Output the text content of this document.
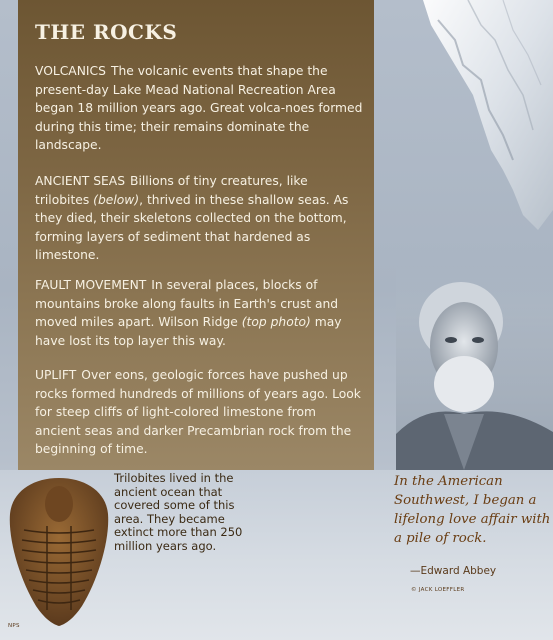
THE ROCKS

VOLCANICS The volcanic events that shape the present-day Lake Mead National Recreation Area began 18 million years ago. Great volca-noes formed during this time; their remains dominate the landscape.

ANCIENT SEAS Billions of tiny creatures, like trilobites (below), thrived in these shallow seas. As they died, their skeletons collected on the bottom, forming layers of sediment that hardened as limestone.

FAULT MOVEMENT In several places, blocks of mountains broke along faults in Earth's crust and moved miles apart. Wilson Ridge (top photo) may have lost its top layer this way.

UPLIFT Over eons, geologic forces have pushed up rocks formed hundreds of millions of years ago. Look for steep cliffs of light-colored limestone from ancient seas and darker Precambrian rock from the beginning of time.

Trilobites lived in the ancient ocean that covered some of this area. They became extinct more than 250 million years ago.

In the American Southwest, I began a lifelong love affair with a pile of rock.

—Edward Abbey

© JACK LOEFFLER

NPS
